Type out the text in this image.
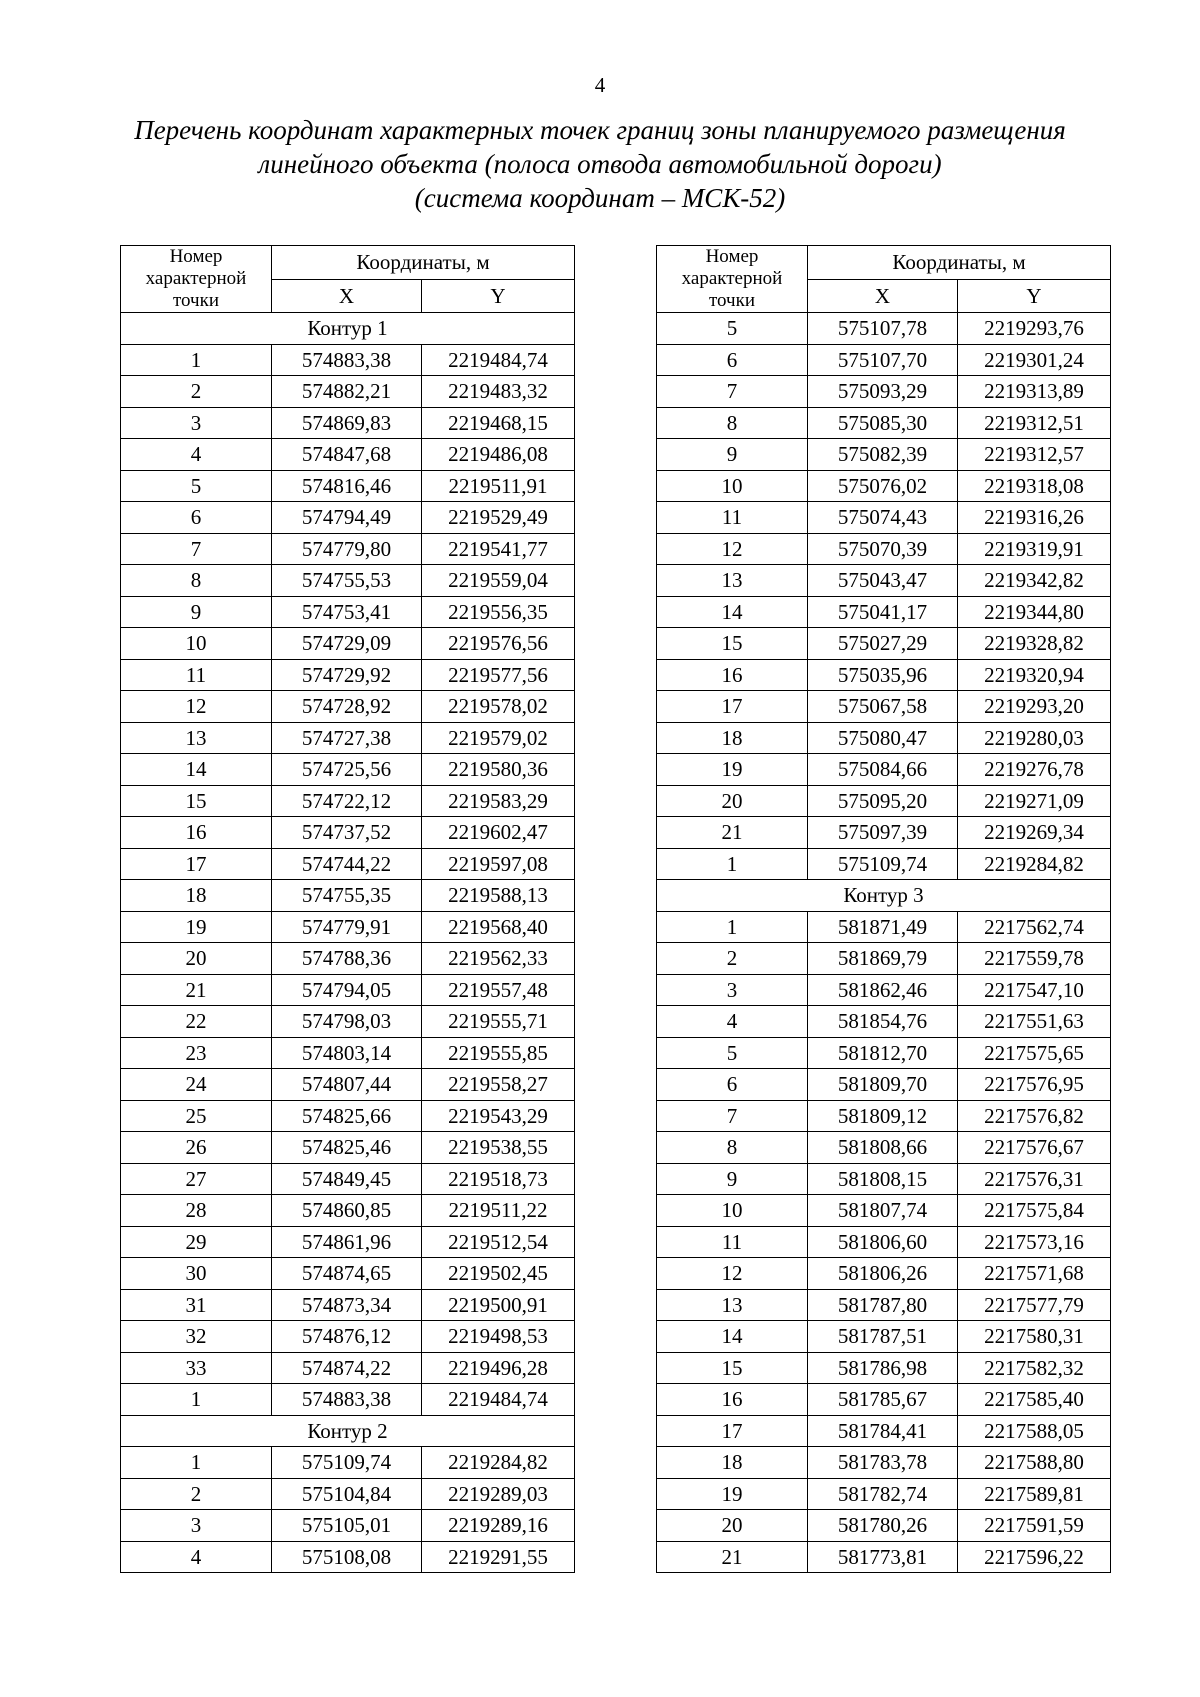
4
Перечень координат характерных точек границ зоны планируемого размещения
линейного объекта (полоса отвода автомобильной дороги)
(система координат – МСК-52)
Номер характерной точки	Координаты, м	
	X	Y
Контур 1		
1	574883,38	2219484,74
2	574882,21	2219483,32
3	574869,83	2219468,15
4	574847,68	2219486,08
5	574816,46	2219511,91
6	574794,49	2219529,49
7	574779,80	2219541,77
8	574755,53	2219559,04
9	574753,41	2219556,35
10	574729,09	2219576,56
11	574729,92	2219577,56
12	574728,92	2219578,02
13	574727,38	2219579,02
14	574725,56	2219580,36
15	574722,12	2219583,29
16	574737,52	2219602,47
17	574744,22	2219597,08
18	574755,35	2219588,13
19	574779,91	2219568,40
20	574788,36	2219562,33
21	574794,05	2219557,48
22	574798,03	2219555,71
23	574803,14	2219555,85
24	574807,44	2219558,27
25	574825,66	2219543,29
26	574825,46	2219538,55
27	574849,45	2219518,73
28	574860,85	2219511,22
29	574861,96	2219512,54
30	574874,65	2219502,45
31	574873,34	2219500,91
32	574876,12	2219498,53
33	574874,22	2219496,28
1	574883,38	2219484,74
Контур 2		
1	575109,74	2219284,82
2	575104,84	2219289,03
3	575105,01	2219289,16
4	575108,08	2219291,55
Номер характерной точки	Координаты, м	
	X	Y
5	575107,78	2219293,76
6	575107,70	2219301,24
7	575093,29	2219313,89
8	575085,30	2219312,51
9	575082,39	2219312,57
10	575076,02	2219318,08
11	575074,43	2219316,26
12	575070,39	2219319,91
13	575043,47	2219342,82
14	575041,17	2219344,80
15	575027,29	2219328,82
16	575035,96	2219320,94
17	575067,58	2219293,20
18	575080,47	2219280,03
19	575084,66	2219276,78
20	575095,20	2219271,09
21	575097,39	2219269,34
1	575109,74	2219284,82
Контур 3		
1	581871,49	2217562,74
2	581869,79	2217559,78
3	581862,46	2217547,10
4	581854,76	2217551,63
5	581812,70	2217575,65
6	581809,70	2217576,95
7	581809,12	2217576,82
8	581808,66	2217576,67
9	581808,15	2217576,31
10	581807,74	2217575,84
11	581806,60	2217573,16
12	581806,26	2217571,68
13	581787,80	2217577,79
14	581787,51	2217580,31
15	581786,98	2217582,32
16	581785,67	2217585,40
17	581784,41	2217588,05
18	581783,78	2217588,80
19	581782,74	2217589,81
20	581780,26	2217591,59
21	581773,81	2217596,22
